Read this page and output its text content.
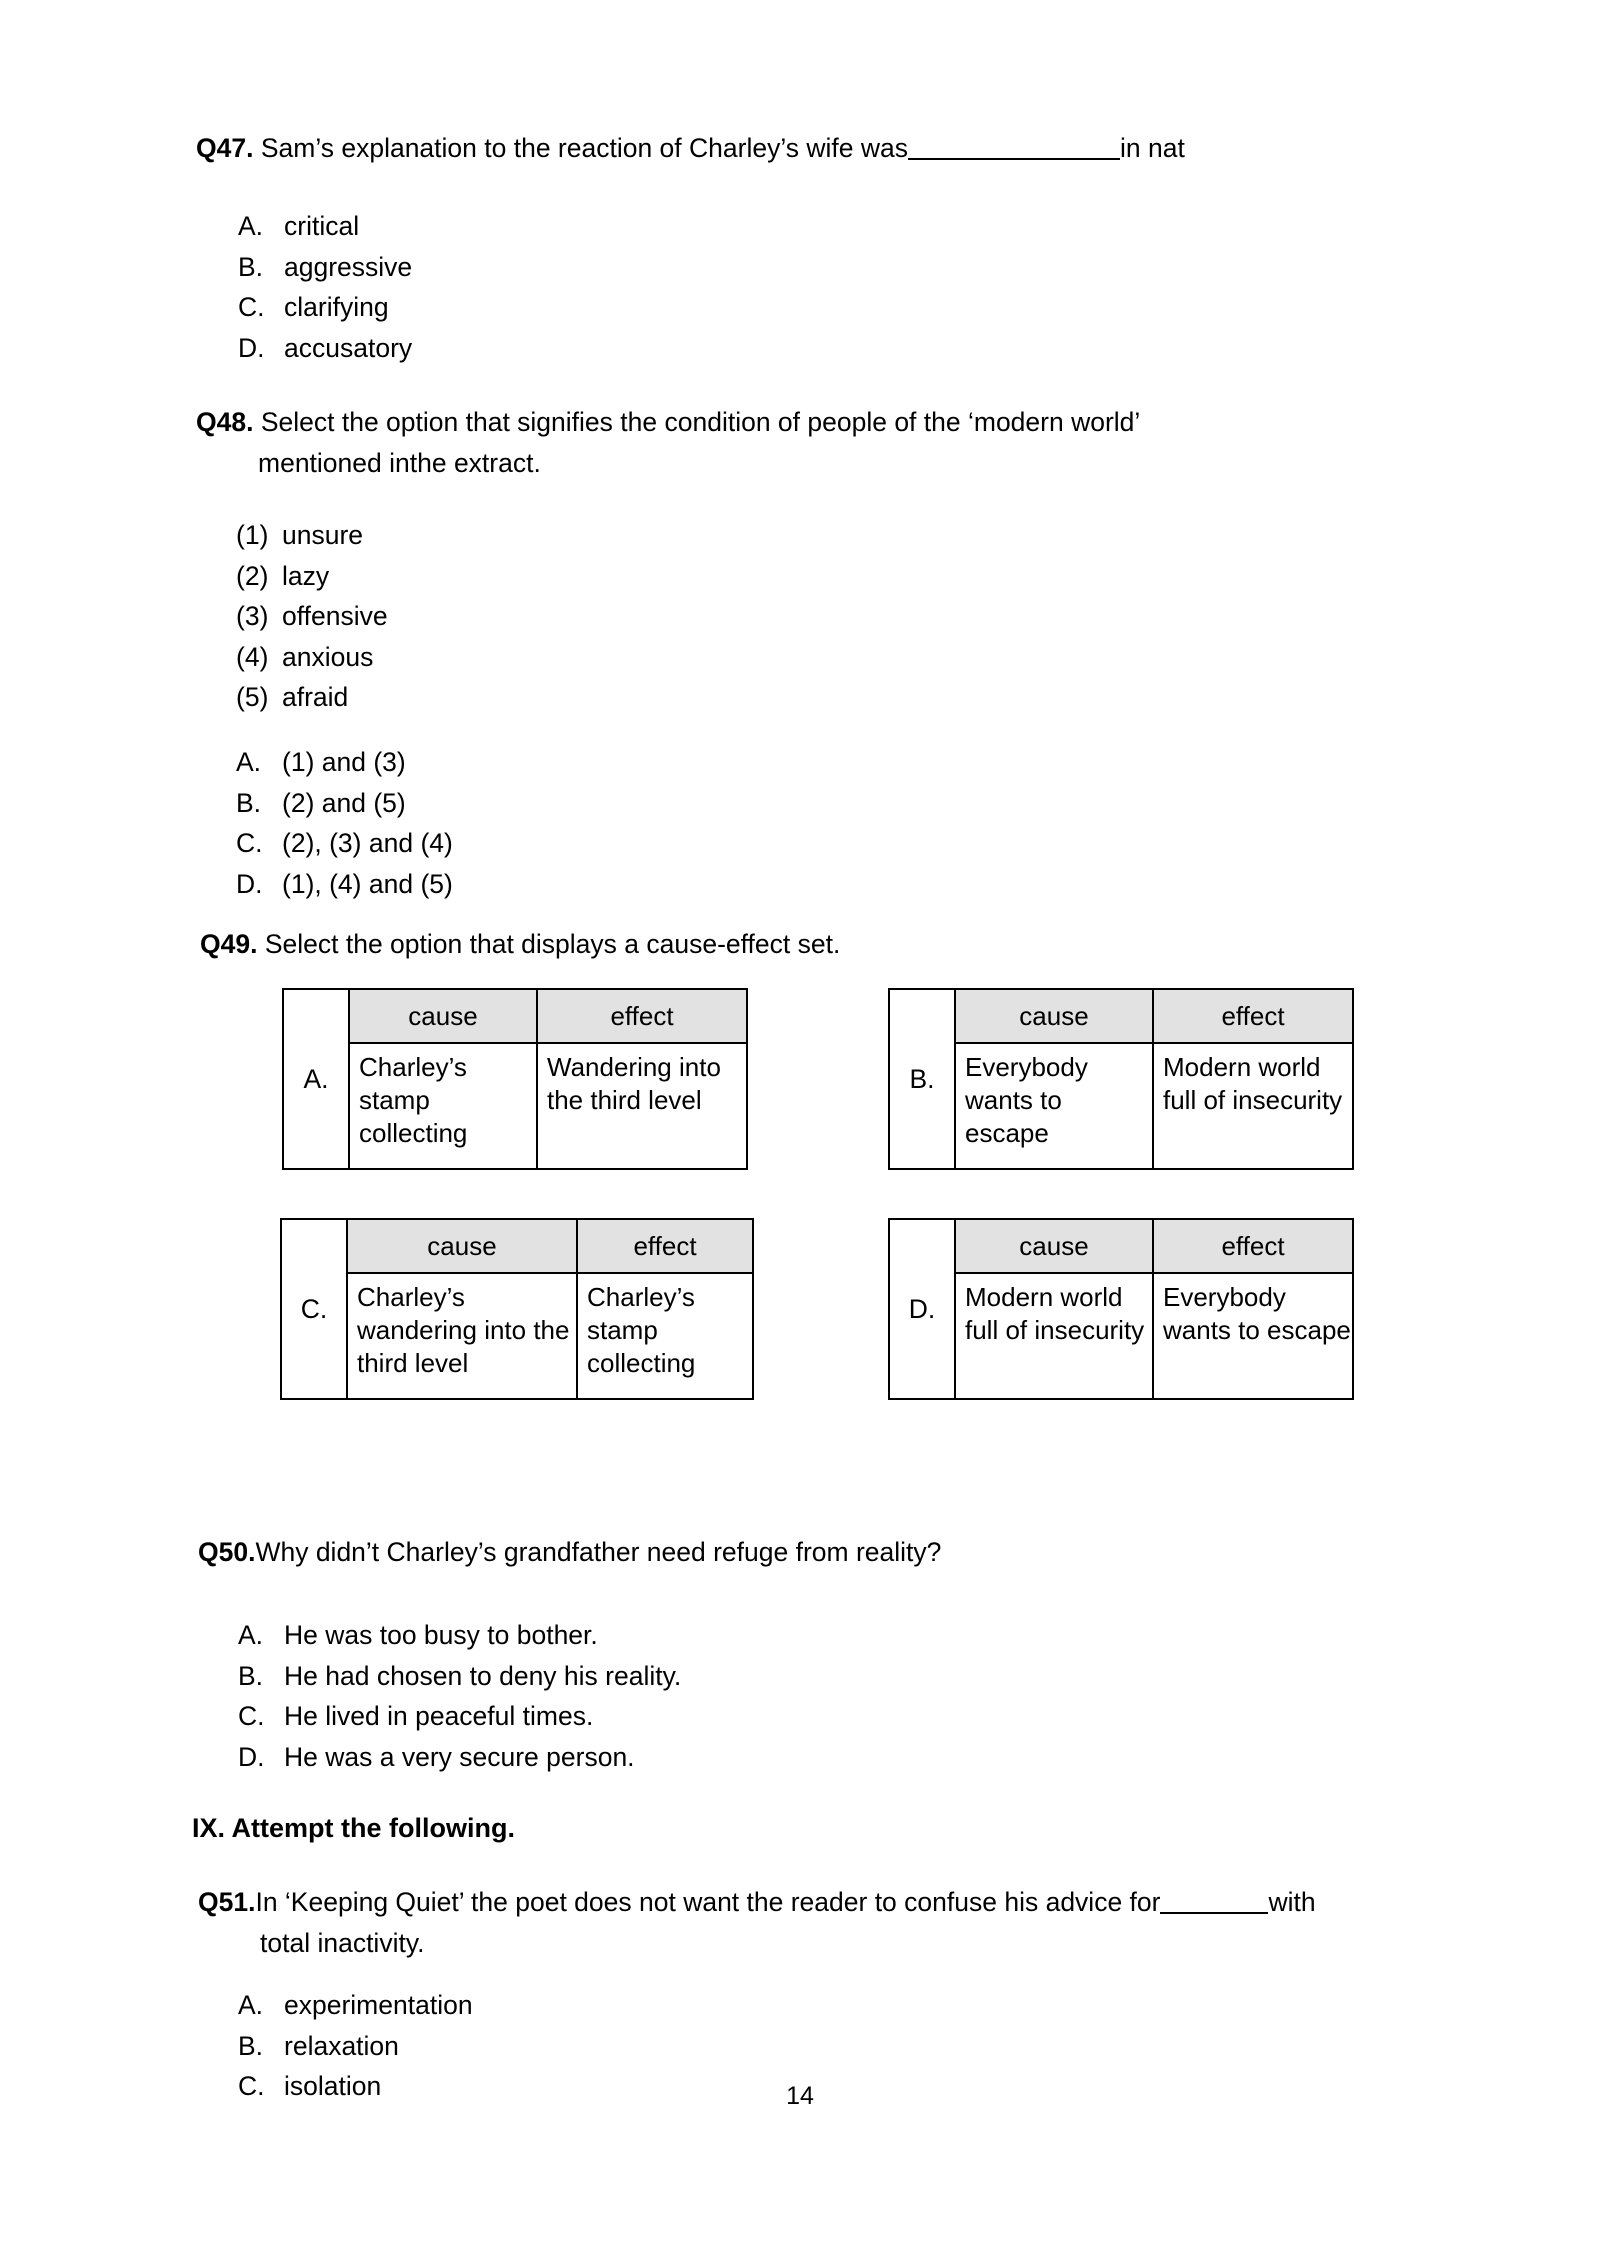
Q47. Sam’s explanation to the reaction of Charley’s wife was	in nat
A. critical
B. aggressive
C. clarifying
D. accusatory
Q48. Select the option that signifies the condition of people of the ‘modern world’
mentioned inthe extract.
(1) unsure
(2) lazy
(3) offensive
(4) anxious
(5) afraid
A. (1) and (3)
B. (2) and (5)
C. (2), (3) and (4)
D. (1), (4) and (5)
Q49. Select the option that displays a cause-effect set.
A.	cause	effect
	Charley’s stamp collecting	Wandering into the third level
B.	cause	effect
	Everybody wants to escape	Modern world full of insecurity
C.	cause	effect
	Charley’s wandering into the third level	Charley’s stamp collecting
D.	cause	effect
	Modern world full of insecurity	Everybody wants to escape
Q50.Why didn’t Charley’s grandfather need refuge from reality?
A. He was too busy to bother.
B. He had chosen to deny his reality.
C. He lived in peaceful times.
D. He was a very secure person.
IX. Attempt the following.
Q51.In ‘Keeping Quiet’ the poet does not want the reader to confuse his advice for	with
total inactivity.
A. experimentation
B. relaxation
C. isolation	14
